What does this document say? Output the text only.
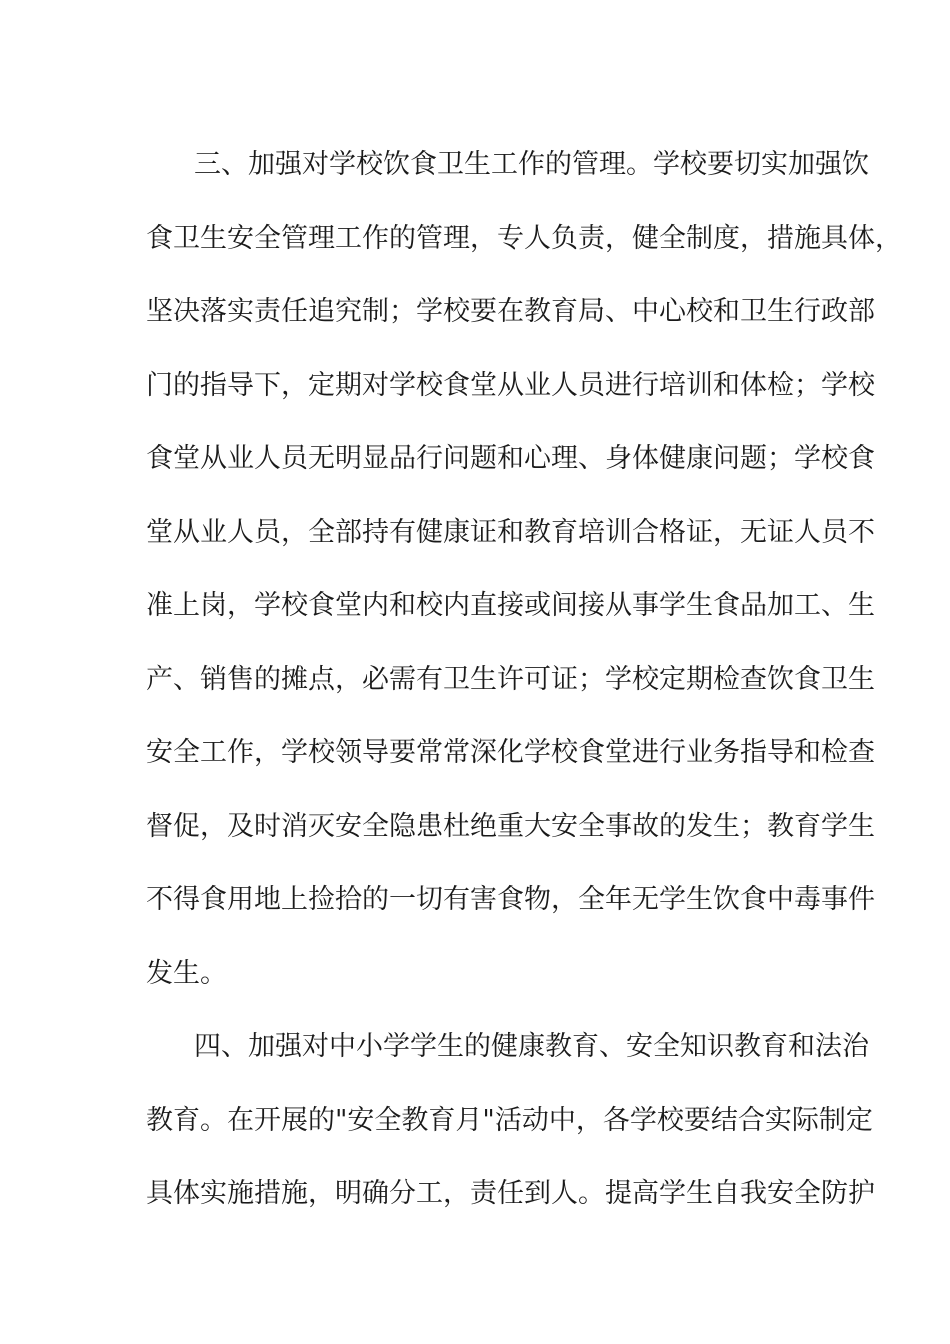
三、加强对学校饮食卫生工作的管理。学校要切实加强饮
食卫生安全管理工作的管理，专人负责，健全制度，措施具体，
坚决落实责任追究制；学校要在教育局、中心校和卫生行政部
门的指导下，定期对学校食堂从业人员进行培训和体检；学校
食堂从业人员无明显品行问题和心理、身体健康问题；学校食
堂从业人员，全部持有健康证和教育培训合格证，无证人员不
准上岗，学校食堂内和校内直接或间接从事学生食品加工、生
产、销售的摊点，必需有卫生许可证；学校定期检查饮食卫生
安全工作，学校领导要常常深化学校食堂进行业务指导和检查
督促，及时消灭安全隐患杜绝重大安全事故的发生；教育学生
不得食用地上捡拾的一切有害食物，全年无学生饮食中毒事件
发生。
四、加强对中小学学生的健康教育、安全知识教育和法治
教育。在开展的"安全教育月"活动中，各学校要结合实际制定
具体实施措施，明确分工，责任到人。提高学生自我安全防护
